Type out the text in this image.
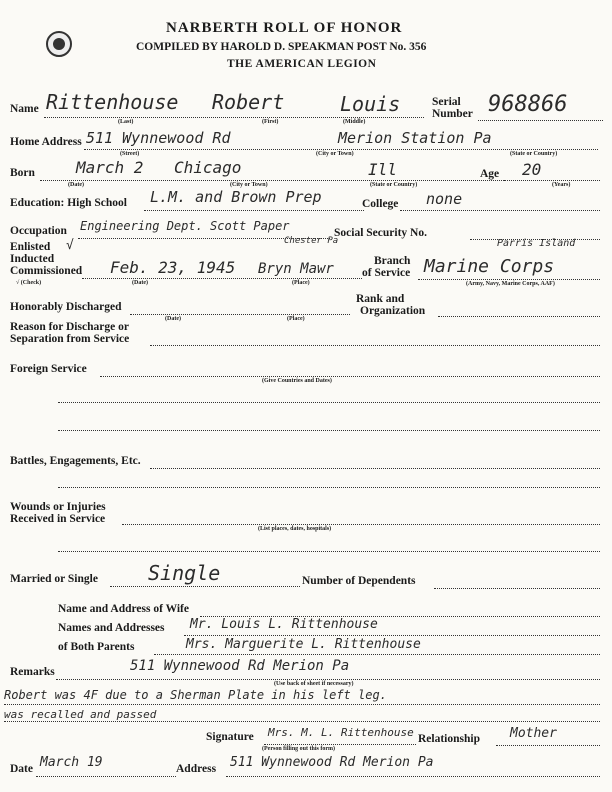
NARBERTH ROLL OF HONOR
COMPILED BY HAROLD D. SPEAKMAN POST No. 356
THE AMERICAN LEGION
Name Rittenhouse Robert	Louis
(Last)	(First)	(Middle)
Serial
Number 968866
Home Address 511 Wynnewood Rd	Merion Station Pa
(Street)	(City or Town)	(State or Country)
Born	March 2 Chicago	Ill
(Date)	(City or Town)	(State or Country)
Age 20
(Years)
Education: High School L.M. and Brown Prep	College none
Occupation Engineering Dept. Scott Paper
Chester Pa
Social Security No.
Enlisted √
Inducted
Commissioned Feb. 23, 1945 Bryn Mawr
√ (Check)	(Date)	(Place)
Parris Island
Branch
of Service Marine Corps
(Army, Navy, Marine Corps, AAF)
Honorably Discharged
(Date)	(Place)
Rank and
Organization
Reason for Discharge or
Separation from Service
Foreign Service
(Give Countries and Dates)
Battles, Engagements, Etc.
Wounds or Injuries
Received in Service
(List places, dates, hospitals)
Married or Single	Single	Number of Dependents
Name and Address of Wife
Names and Addresses Mr. Louis L. Rittenhouse
of Both Parents	Mrs. Marguerite L. Rittenhouse
Remarks	511 Wynnewood Rd Merion Pa
(Use back of sheet if necessary)
Robert was 4F due to a Sherman Plate in his left leg.
was recalled and passed
Signature Mrs. M. L. Rittenhouse
(Person filling out this form)
Relationship Mother
Date March 19	Address 511 Wynnewood Rd Merion Pa
